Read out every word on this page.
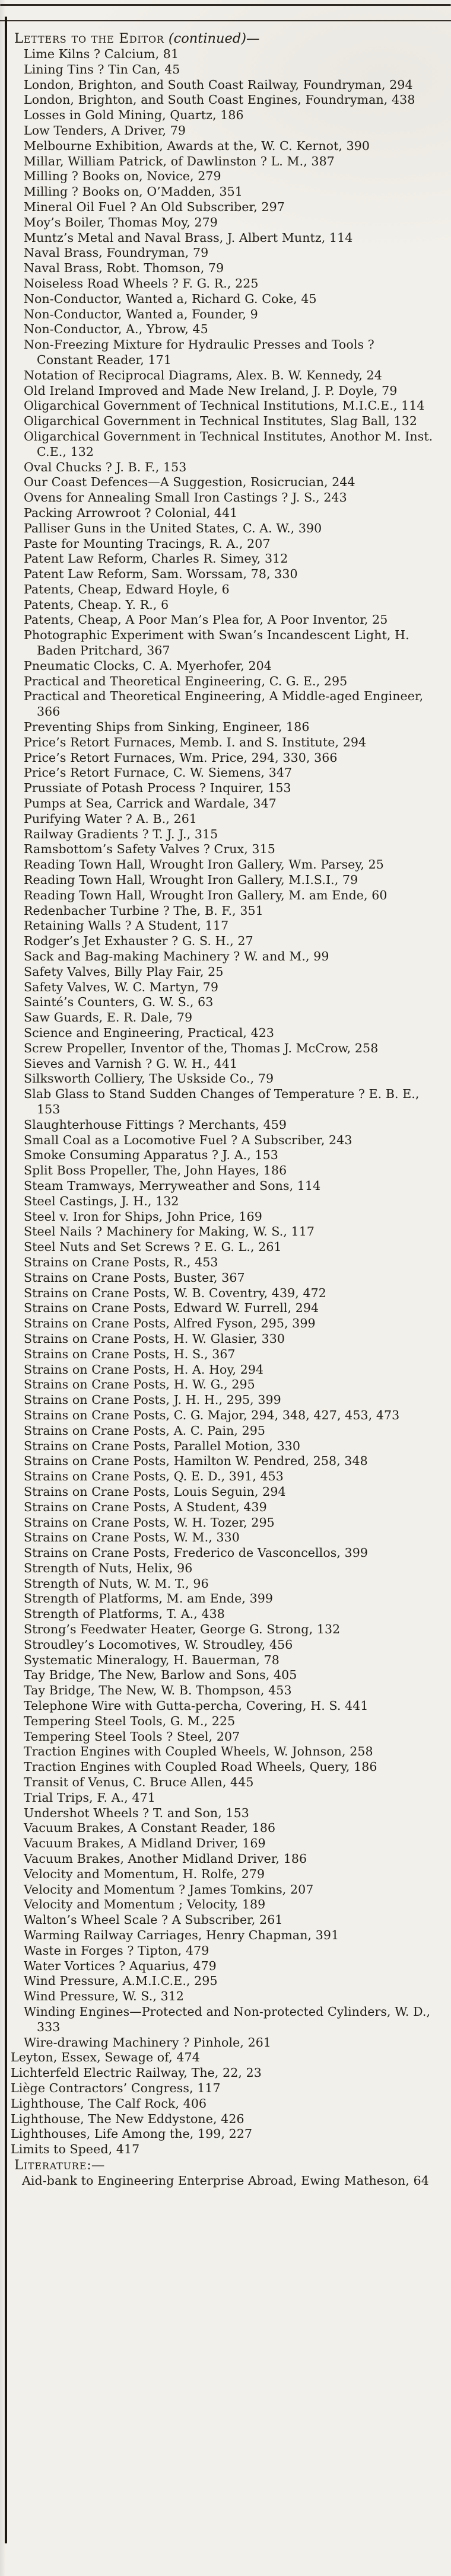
Letters to the Editor (continued)—

Lime Kilns ? Calcium, 81
Lining Tins ? Tin Can, 45
London, Brighton, and South Coast Railway, Foundryman, 294
London, Brighton, and South Coast Engines, Foundryman, 438
Losses in Gold Mining, Quartz, 186
Low Tenders, A Driver, 79
Melbourne Exhibition, Awards at the, W. C. Kernot, 390
Millar, William Patrick, of Dawlinston ? L. M., 387
Milling ? Books on, Novice, 279
Milling ? Books on, O’Madden, 351
Mineral Oil Fuel ? An Old Subscriber, 297
Moy’s Boiler, Thomas Moy, 279
Muntz’s Metal and Naval Brass, J. Albert Muntz, 114
Naval Brass, Foundryman, 79
Naval Brass, Robt. Thomson, 79
Noiseless Road Wheels ? F. G. R., 225
Non-Conductor, Wanted a, Richard G. Coke, 45
Non-Conductor, Wanted a, Founder, 9
Non-Conductor, A., Ybrow, 45
Non-Freezing Mixture for Hydraulic Presses and Tools ? Constant Reader, 171
Notation of Reciprocal Diagrams, Alex. B. W. Kennedy, 24
Old Ireland Improved and Made New Ireland, J. P. Doyle, 79
Oligarchical Government of Technical Institutions, M.I.C.E., 114
Oligarchical Government in Technical Institutes, Slag Ball, 132
Oligarchical Government in Technical Institutes, Anothor M. Inst. C.E., 132
Oval Chucks ? J. B. F., 153
Our Coast Defences—A Suggestion, Rosicrucian, 244
Ovens for Annealing Small Iron Castings ? J. S., 243
Packing Arrowroot ? Colonial, 441
Palliser Guns in the United States, C. A. W., 390
Paste for Mounting Tracings, R. A., 207
Patent Law Reform, Charles R. Simey, 312
Patent Law Reform, Sam. Worssam, 78, 330
Patents, Cheap, Edward Hoyle, 6
Patents, Cheap. Y. R., 6
Patents, Cheap, A Poor Man’s Plea for, A Poor Inventor, 25
Photographic Experiment with Swan’s Incandescent Light, H. Baden Pritchard, 367
Pneumatic Clocks, C. A. Myerhofer, 204
Practical and Theoretical Engineering, C. G. E., 295
Practical and Theoretical Engineering, A Middle-aged Engineer, 366
Preventing Ships from Sinking, Engineer, 186
Price’s Retort Furnaces, Memb. I. and S. Institute, 294
Price’s Retort Furnaces, Wm. Price, 294, 330, 366
Price’s Retort Furnace, C. W. Siemens, 347
Prussiate of Potash Process ? Inquirer, 153
Pumps at Sea, Carrick and Wardale, 347
Purifying Water ? A. B., 261
Railway Gradients ? T. J. J., 315
Ramsbottom’s Safety Valves ? Crux, 315
Reading Town Hall, Wrought Iron Gallery, Wm. Parsey, 25
Reading Town Hall, Wrought Iron Gallery, M.I.S.I., 79
Reading Town Hall, Wrought Iron Gallery, M. am Ende, 60
Redenbacher Turbine ? The, B. F., 351
Retaining Walls ? A Student, 117
Rodger’s Jet Exhauster ? G. S. H., 27
Sack and Bag-making Machinery ? W. and M., 99
Safety Valves, Billy Play Fair, 25
Safety Valves, W. C. Martyn, 79
Sainté’s Counters, G. W. S., 63
Saw Guards, E. R. Dale, 79
Science and Engineering, Practical, 423
Screw Propeller, Inventor of the, Thomas J. McCrow, 258
Sieves and Varnish ? G. W. H., 441
Silksworth Colliery, The Uskside Co., 79
Slab Glass to Stand Sudden Changes of Temperature ? E. B. E., 153
Slaughterhouse Fittings ? Merchants, 459
Small Coal as a Locomotive Fuel ? A Subscriber, 243
Smoke Consuming Apparatus ? J. A., 153
Split Boss Propeller, The, John Hayes, 186
Steam Tramways, Merryweather and Sons, 114
Steel Castings, J. H., 132
Steel v. Iron for Ships, John Price, 169
Steel Nails ? Machinery for Making, W. S., 117
Steel Nuts and Set Screws ? E. G. L., 261
Strains on Crane Posts, R., 453
Strains on Crane Posts, Buster, 367
Strains on Crane Posts, W. B. Coventry, 439, 472
Strains on Crane Posts, Edward W. Furrell, 294
Strains on Crane Posts, Alfred Fyson, 295, 399
Strains on Crane Posts, H. W. Glasier, 330
Strains on Crane Posts, H. S., 367
Strains on Crane Posts, H. A. Hoy, 294
Strains on Crane Posts, H. W. G., 295
Strains on Crane Posts, J. H. H., 295, 399
Strains on Crane Posts, C. G. Major, 294, 348, 427, 453, 473
Strains on Crane Posts, A. C. Pain, 295
Strains on Crane Posts, Parallel Motion, 330
Strains on Crane Posts, Hamilton W. Pendred, 258, 348
Strains on Crane Posts, Q. E. D., 391, 453
Strains on Crane Posts, Louis Seguin, 294
Strains on Crane Posts, A Student, 439
Strains on Crane Posts, W. H. Tozer, 295
Strains on Crane Posts, W. M., 330
Strains on Crane Posts, Frederico de Vasconcellos, 399
Strength of Nuts, Helix, 96
Strength of Nuts, W. M. T., 96
Strength of Platforms, M. am Ende, 399
Strength of Platforms, T. A., 438
Strong’s Feedwater Heater, George G. Strong, 132
Stroudley’s Locomotives, W. Stroudley, 456
Systematic Mineralogy, H. Bauerman, 78
Tay Bridge, The New, Barlow and Sons, 405
Tay Bridge, The New, W. B. Thompson, 453
Telephone Wire with Gutta-percha, Covering, H. S. 441
Tempering Steel Tools, G. M., 225
Tempering Steel Tools ? Steel, 207
Traction Engines with Coupled Wheels, W. Johnson, 258
Traction Engines with Coupled Road Wheels, Query, 186
Transit of Venus, C. Bruce Allen, 445
Trial Trips, F. A., 471
Undershot Wheels ? T. and Son, 153
Vacuum Brakes, A Constant Reader, 186
Vacuum Brakes, A Midland Driver, 169
Vacuum Brakes, Another Midland Driver, 186
Velocity and Momentum, H. Rolfe, 279
Velocity and Momentum ? James Tomkins, 207
Velocity and Momentum ; Velocity, 189
Walton’s Wheel Scale ? A Subscriber, 261
Warming Railway Carriages, Henry Chapman, 391
Waste in Forges ? Tipton, 479
Water Vortices ? Aquarius, 479
Wind Pressure, A.M.I.C.E., 295
Wind Pressure, W. S., 312
Winding Engines—Protected and Non-protected Cylinders, W. D., 333
Wire-drawing Machinery ? Pinhole, 261
Leyton, Essex, Sewage of, 474
Lichterfeld Electric Railway, The, 22, 23
Liège Contractors’ Congress, 117
Lighthouse, The Calf Rock, 406
Lighthouse, The New Eddystone, 426
Lighthouses, Life Among the, 199, 227
Limits to Speed, 417

Literature:—

Aid-bank to Engineering Enterprise Abroad, Ewing Matheson, 64
